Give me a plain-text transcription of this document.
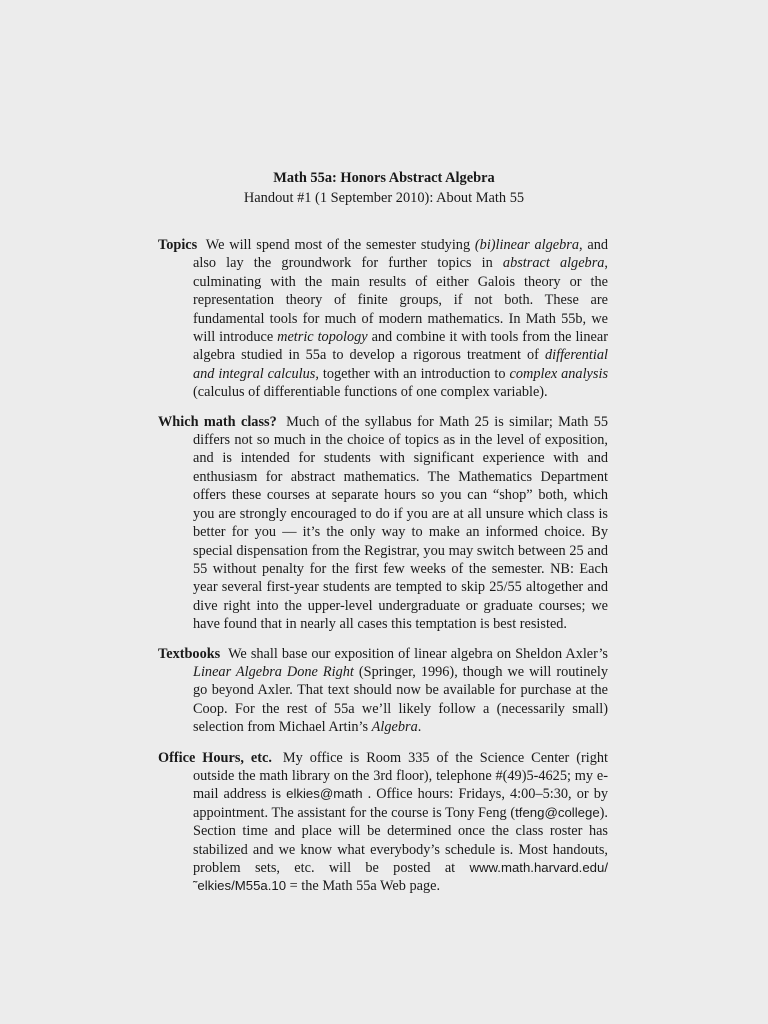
Math 55a: Honors Abstract Algebra
Handout #1 (1 September 2010): About Math 55

Topics We will spend most of the semester studying (bi)linear algebra, and also lay the groundwork for further topics in abstract algebra, culminating with the main results of either Galois theory or the representation theory of finite groups, if not both. These are fundamental tools for much of modern mathematics. In Math 55b, we will introduce metric topology and combine it with tools from the linear algebra studied in 55a to develop a rigorous treatment of differential and integral calculus, together with an introduction to complex analysis (calculus of differentiable functions of one complex variable).

Which math class? Much of the syllabus for Math 25 is similar; Math 55 differs not so much in the choice of topics as in the level of exposition, and is intended for students with significant experience with and enthusiasm for abstract mathematics. The Mathematics Department offers these courses at separate hours so you can “shop” both, which you are strongly encouraged to do if you are at all unsure which class is better for you — it’s the only way to make an informed choice. By special dispensation from the Registrar, you may switch between 25 and 55 without penalty for the first few weeks of the semester. NB: Each year several first-year students are tempted to skip 25/55 altogether and dive right into the upper-level undergraduate or graduate courses; we have found that in nearly all cases this temptation is best resisted.

Textbooks We shall base our exposition of linear algebra on Sheldon Axler’s Linear Algebra Done Right (Springer, 1996), though we will routinely go beyond Axler. That text should now be available for purchase at the Coop. For the rest of 55a we’ll likely follow a (necessarily small) selection from Michael Artin’s Algebra.

Office Hours, etc. My office is Room 335 of the Science Center (right outside the math library on the 3rd floor), telephone #(49)5-4625; my e-mail address is elkies@math . Office hours: Fridays, 4:00–5:30, or by appointment. The assistant for the course is Tony Feng (tfeng@college). Section time and place will be determined once the class roster has stabilized and we know what everybody’s schedule is. Most handouts, problem sets, etc. will be posted at www.math.harvard.edu/˜elkies/M55a.10 = the Math 55a Web page.
